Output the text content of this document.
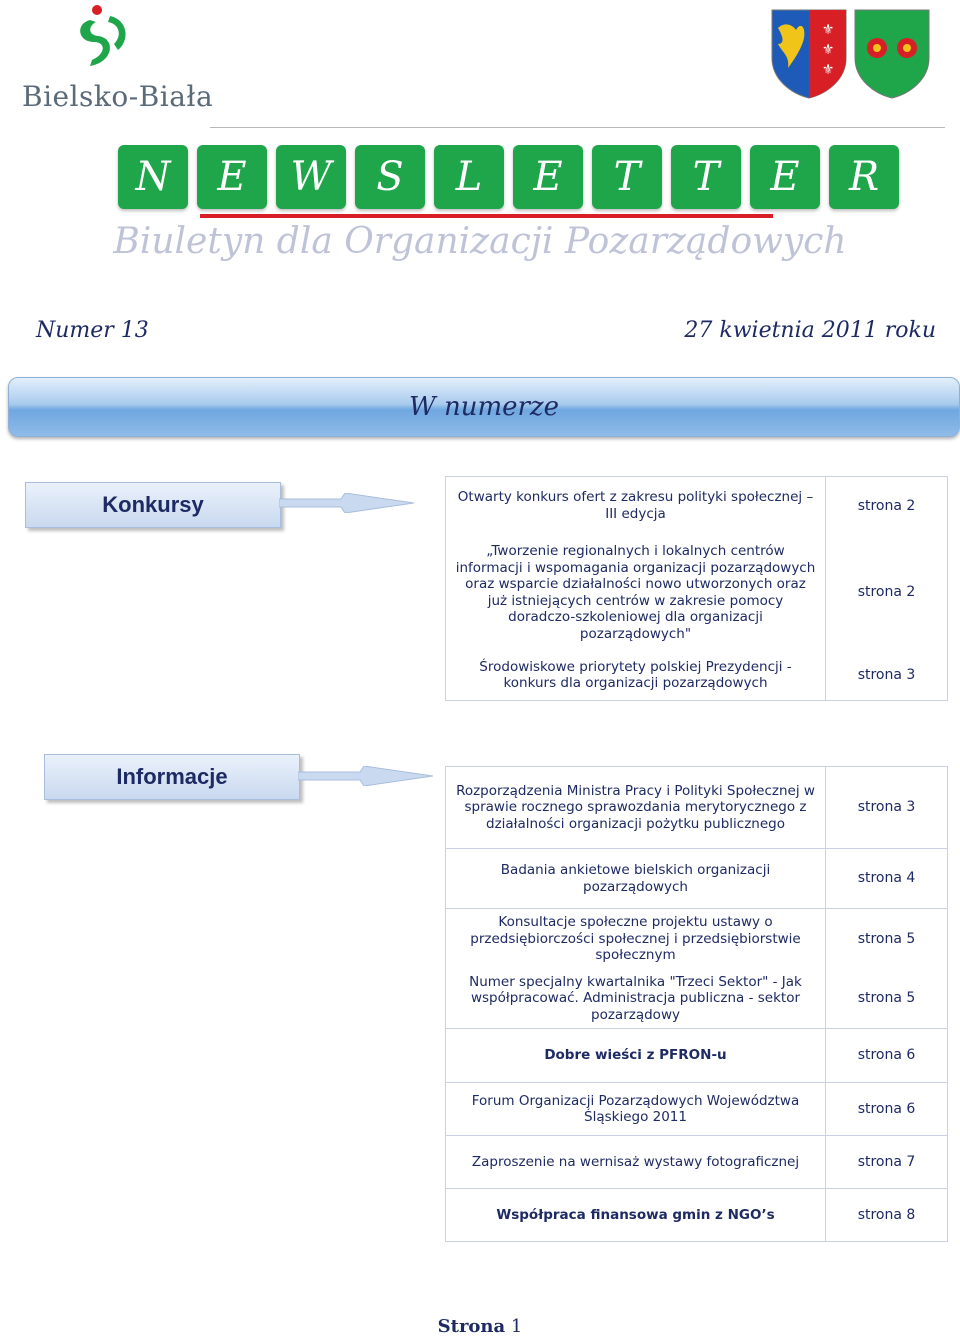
Bielsko-Biała
⚜
⚜
⚜
N	E	W	S	L	E	T	T	E	R
Biuletyn dla Organizacji Pozarządowych
Numer 13	27 kwietnia 2011 roku
W numerze
Konkursy	Otwarty konkurs ofert z zakresu polityki społecznej – III edycja	strona 2
„Tworzenie regionalnych i lokalnych centrów informacji i wspomagania organizacji pozarządowych oraz wsparcie działalności nowo utworzonych oraz już istniejących centrów w zakresie pomocy doradczo-szkoleniowej dla organizacji pozarządowych"	strona 2
Środowiskowe priorytety polskiej Prezydencji - konkurs dla organizacji pozarządowych	strona 3
Informacje
Rozporządzenia Ministra Pracy i Polityki Społecznej w sprawie rocznego sprawozdania merytorycznego z działalności organizacji pożytku publicznego	strona 3
Badania ankietowe bielskich organizacji pozarządowych	strona 4
Konsultacje społeczne projektu ustawy o przedsiębiorczości społecznej i przedsiębiorstwie społecznym	strona 5
Numer specjalny kwartalnika "Trzeci Sektor" - Jak współpracować. Administracja publiczna - sektor pozarządowy	strona 5
Dobre wieści z PFRON-u	strona 6
Forum Organizacji Pozarządowych Województwa Śląskiego 2011	strona 6
Zaproszenie na wernisaż wystawy fotograficznej	strona 7
Współpraca finansowa gmin z NGO’s	strona 8
Strona 1
